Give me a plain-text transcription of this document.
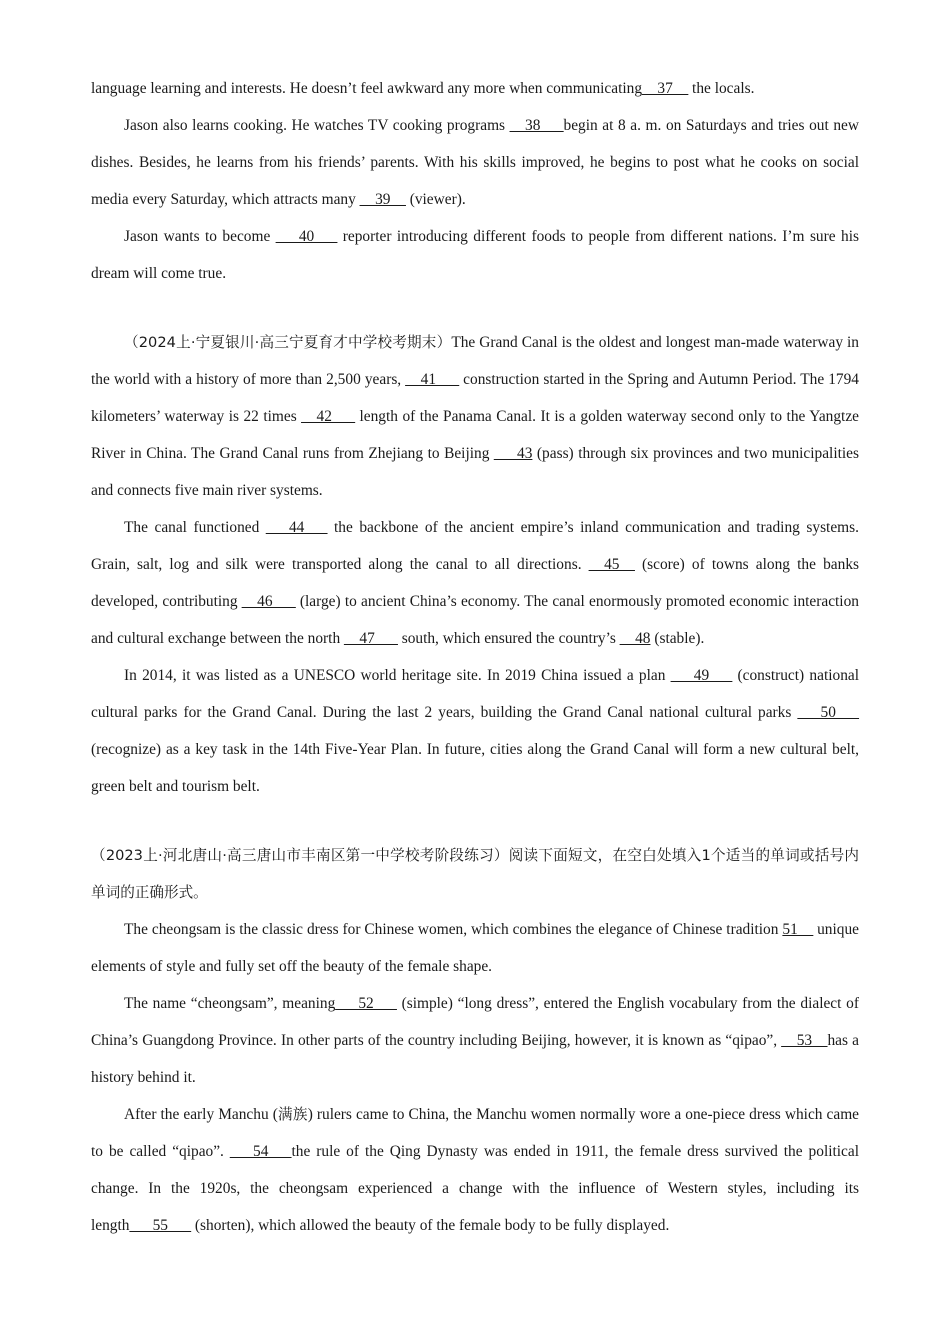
language learning and interests. He doesn’t feel awkward any more when communicating__37__ the locals.

Jason also learns cooking. He watches TV cooking programs __38___begin at 8 a. m. on Saturdays and tries out new dishes. Besides, he learns from his friends’ parents. With his skills improved, he begins to post what he cooks on social media every Saturday, which attracts many __39__ (viewer).

Jason wants to become ___40___ reporter introducing different foods to people from different nations. I’m sure his dream will come true.

（2024上·宁夏银川·高三宁夏育才中学校考期末）The Grand Canal is the oldest and longest man-made waterway in the world with a history of more than 2,500 years, __41___ construction started in the Spring and Autumn Period. The 1794 kilometers’ waterway is 22 times __42___ length of the Panama Canal. It is a golden waterway second only to the Yangtze River in China. The Grand Canal runs from Zhejiang to Beijing ___43 (pass) through six provinces and two municipalities and connects five main river systems.

The canal functioned ___44___ the backbone of the ancient empire’s inland communication and trading systems. Grain, salt, log and silk were transported along the canal to all directions. __45__ (score) of towns along the banks developed, contributing __46___ (large) to ancient China’s economy. The canal enormously promoted economic interaction and cultural exchange between the north __47___ south, which ensured the country’s __48 (stable).

In 2014, it was listed as a UNESCO world heritage site. In 2019 China issued a plan ___49___ (construct) national cultural parks for the Grand Canal. During the last 2 years, building the Grand Canal national cultural parks ___50___ (recognize) as a key task in the 14th Five-Year Plan. In future, cities along the Grand Canal will form a new cultural belt, green belt and tourism belt.

（2023上·河北唐山·高三唐山市丰南区第一中学校考阶段练习）阅读下面短文，在空白处填入1个适当的单词或括号内单词的正确形式。

The cheongsam is the classic dress for Chinese women, which combines the elegance of Chinese tradition 51__ unique elements of style and fully set off the beauty of the female shape.

The name “cheongsam”, meaning___52___ (simple) “long dress”, entered the English vocabulary from the dialect of China’s Guangdong Province. In other parts of the country including Beijing, however, it is known as “qipao”, __53__has a history behind it.

After the early Manchu (满族) rulers came to China, the Manchu women normally wore a one-piece dress which came to be called “qipao”. ___54___the rule of the Qing Dynasty was ended in 1911, the female dress survived the political change. In the 1920s, the cheongsam experienced a change with the influence of Western styles, including its length___55___ (shorten), which allowed the beauty of the female body to be fully displayed.
